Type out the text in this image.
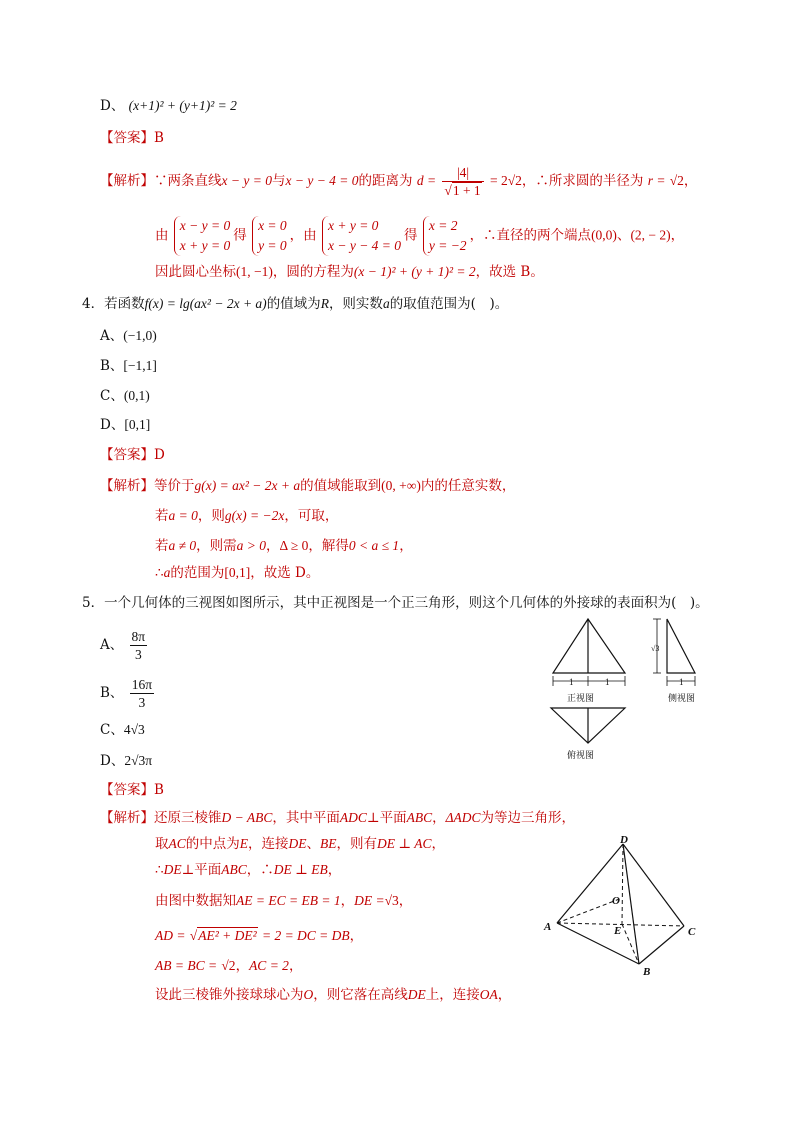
D、 (x+1)² + (y+1)² = 2
【答案】B
【解析】∵两条直线x − y = 0与x − y − 4 = 0的距离为 $d = \frac{|4|}{√1 + 1} = 2√2$，∴所求圆的半径为 r = √2，
由
x − y = 0
x + y = 0
得
x = 0
y = 0
，由
x + y = 0
x − y − 4 = 0
得
x = 2
y = −2
，∴直径的两个端点(0,0)、(2, − 2)，
因此圆心坐标(1, −1)，圆的方程为(x − 1)² + (y + 1)² = 2，故选 B。
4．若函数f(x) = lg(ax² − 2x + a)的值域为R，则实数a的取值范围为(　)。
A、(−1,0)
B、[−1,1]
C、(0,1)
D、[0,1]
【答案】D
【解析】等价于g(x) = ax² − 2x + a的值域能取到(0, +∞)内的任意实数，
若a = 0，则g(x) = −2x，可取，
若a ≠ 0，则需a > 0，Δ ≥ 0，解得0 < a ≤ 1，
∴a的范围为[0,1]，故选 D。
5．一个几何体的三视图如图所示，其中正视图是一个正三角形，则这个几何体的外接球的表面积为(　)。
A、 $\frac{8\pi}{3}$
B、 $\frac{16\pi}{3}$
C、4√3
D、2√3π
【答案】B
【解析】还原三棱锥D − ABC，其中平面ADC⊥平面ABC，ΔADC为等边三角形，
取AC的中点为E，连接DE、BE，则有DE ⊥ AC，
∴DE⊥平面ABC，∴DE ⊥ EB，
由图中数据知AE = EC = EB = 1，DE =√3，
AD = √AE² + DE² = 2 = DC = DB，
AB = BC = √2，AC = 2，
设此三棱锥外接球球心为O，则它落在高线DE上，连接OA，
1	1
正视图
√3
1
侧视图
俯视图
D
O
A	E	C
B
